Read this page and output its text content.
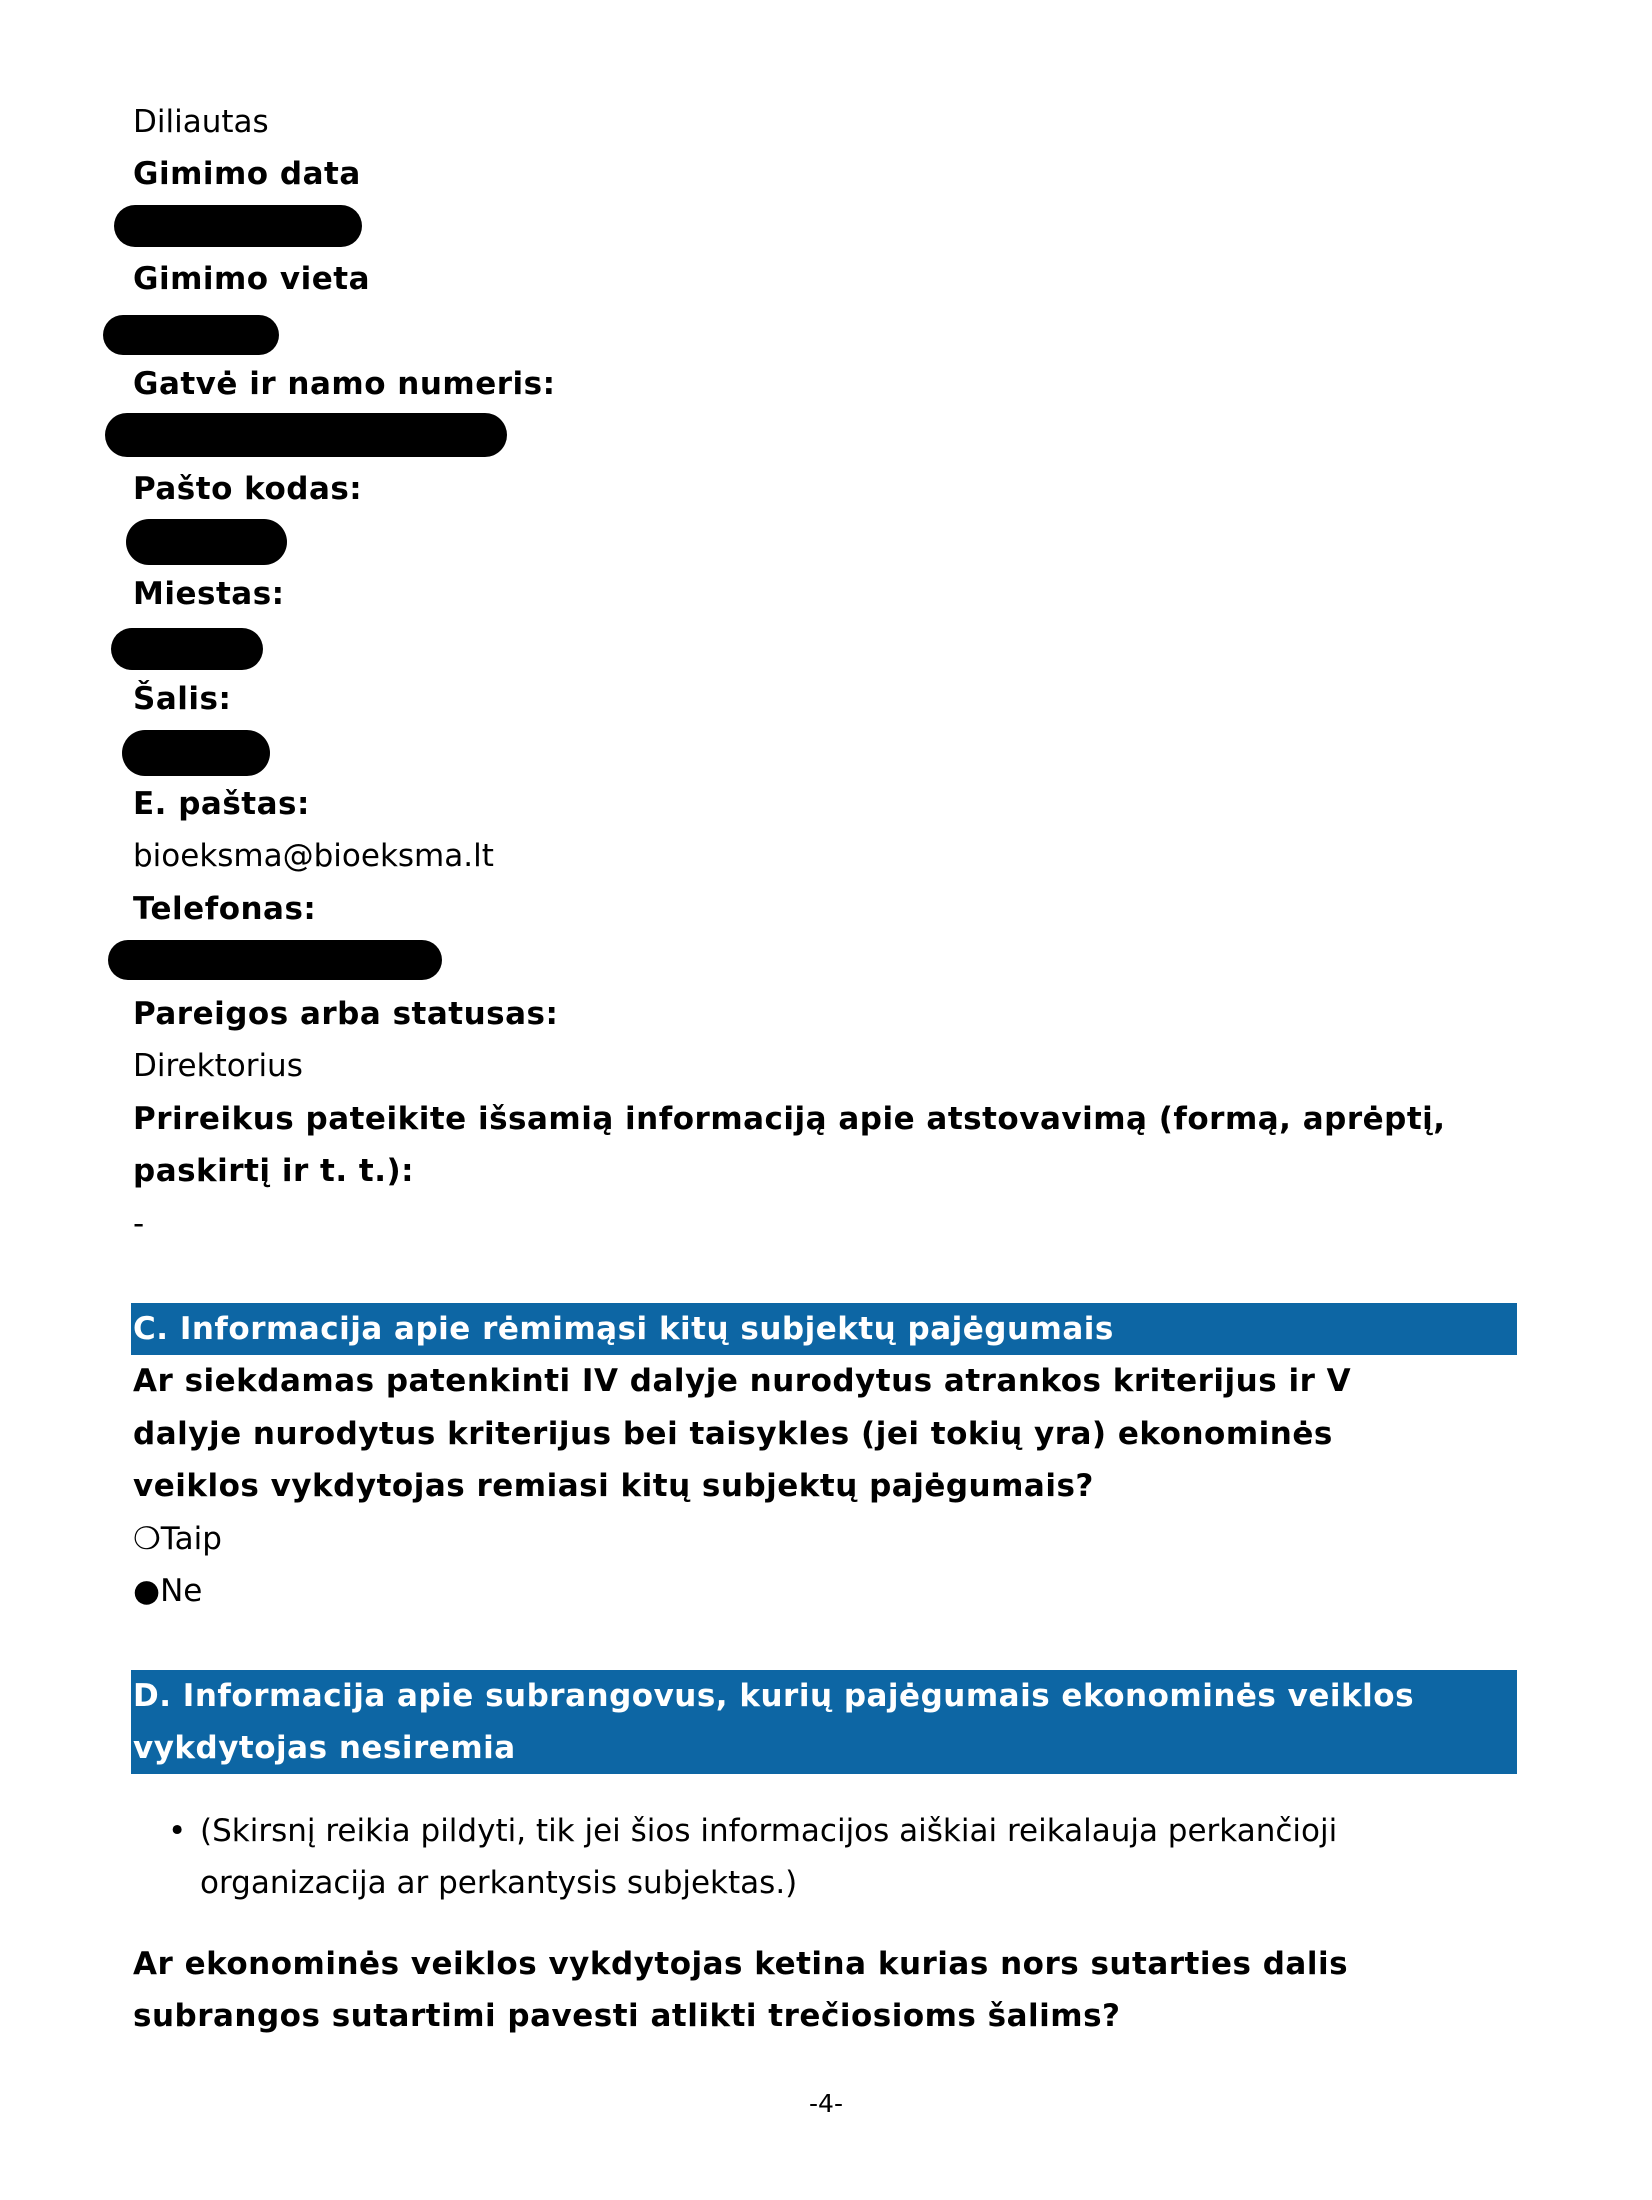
Diliautas
Gimimo data
Gimimo vieta
Gatvė ir namo numeris:
Pašto kodas:
Miestas:
Šalis:
E. paštas:
bioeksma@bioeksma.lt
Telefonas:
Pareigos arba statusas:
Direktorius
Prireikus pateikite išsamią informaciją apie atstovavimą (formą, aprėptį,
paskirtį ir t. t.):
-
C. Informacija apie rėmimąsi kitų subjektų pajėgumais
Ar siekdamas patenkinti IV dalyje nurodytus atrankos kriterijus ir V
dalyje nurodytus kriterijus bei taisykles (jei tokių yra) ekonominės
veiklos vykdytojas remiasi kitų subjektų pajėgumais?
❍Taip
●Ne
D. Informacija apie subrangovus, kurių pajėgumais ekonominės veiklos
vykdytojas nesiremia
• (Skirsnį reikia pildyti, tik jei šios informacijos aiškiai reikalauja perkančioji
organizacija ar perkantysis subjektas.)
Ar ekonominės veiklos vykdytojas ketina kurias nors sutarties dalis
subrangos sutartimi pavesti atlikti trečiosioms šalims?
-4-
